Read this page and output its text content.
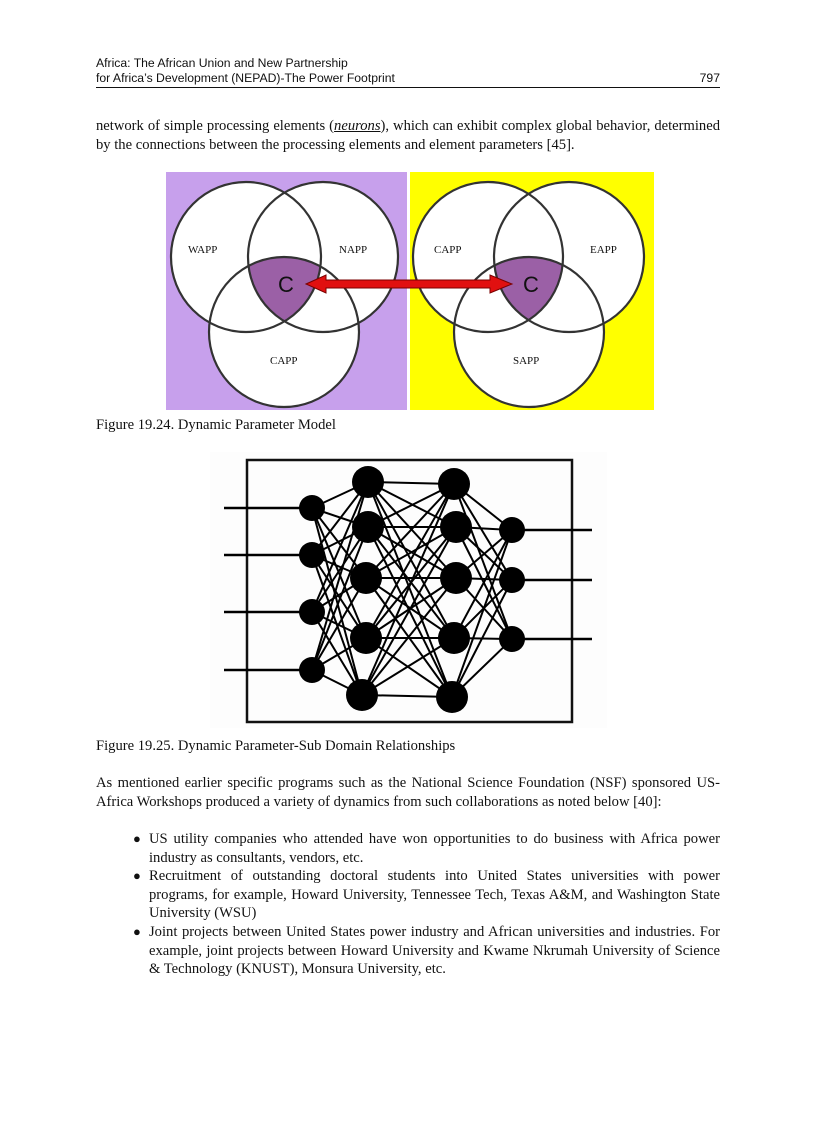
Africa: The African Union and New Partnership
for Africa’s Development (NEPAD)-The Power Footprint	797

network of simple processing elements (neurons), which can exhibit complex global behavior, determined by the connections between the processing elements and element parameters [45].

WAPP	NAPP
CAPP
C
CAPP	EAPP
SAPP
C
Figure 19.24. Dynamic Parameter Model
Figure 19.25. Dynamic Parameter-Sub Domain Relationships

As mentioned earlier specific programs such as the National Science Foundation (NSF) sponsored US-Africa Workshops produced a variety of dynamics from such collaborations as noted below [40]:

● US utility companies who attended have won opportunities to do business with Africa power industry as consultants, vendors, etc.
● Recruitment of outstanding doctoral students into United States universities with power programs, for example, Howard University, Tennessee Tech, Texas A&M, and Washington State University (WSU)
● Joint projects between United States power industry and African universities and industries. For example, joint projects between Howard University and Kwame Nkrumah University of Science & Technology (KNUST), Monsura University, etc.
